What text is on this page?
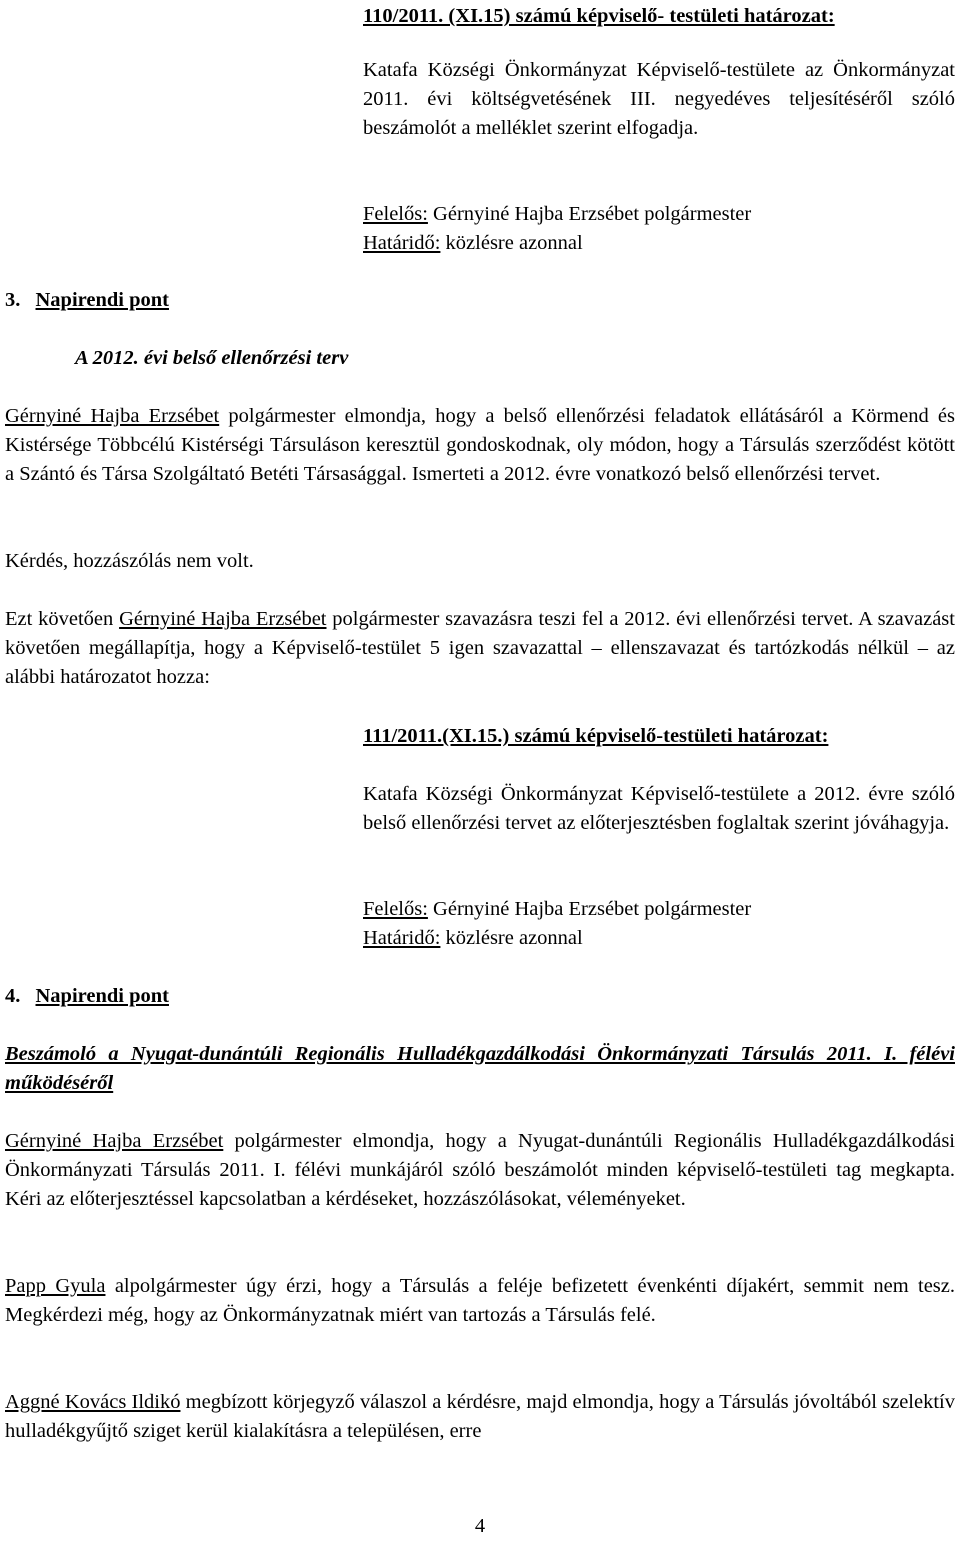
110/2011. (XI.15) számú képviselő- testületi határozat:
Katafa Községi Önkormányzat Képviselő-testülete az Önkormányzat 2011. évi költségvetésének III. negyedéves teljesítéséről szóló beszámolót a melléklet szerint elfogadja.
Felelős: Gérnyiné Hajba Erzsébet polgármester
Határidő: közlésre azonnal
3. Napirendi pont
A 2012. évi belső ellenőrzési terv
Gérnyiné Hajba Erzsébet polgármester elmondja, hogy a belső ellenőrzési feladatok ellátásáról a Körmend és Kistérsége Többcélú Kistérségi Társuláson keresztül gondoskodnak, oly módon, hogy a Társulás szerződést kötött a Szántó és Társa Szolgáltató Betéti Társasággal. Ismerteti a 2012. évre vonatkozó belső ellenőrzési tervet.
Kérdés, hozzászólás nem volt.
Ezt követően Gérnyiné Hajba Erzsébet polgármester szavazásra teszi fel a 2012. évi ellenőrzési tervet. A szavazást követően megállapítja, hogy a Képviselő-testület 5 igen szavazattal – ellenszavazat és tartózkodás nélkül – az alábbi határozatot hozza:
111/2011.(XI.15.) számú képviselő-testületi határozat:
Katafa Községi Önkormányzat Képviselő-testülete a 2012. évre szóló belső ellenőrzési tervet az előterjesztésben foglaltak szerint jóváhagyja.
Felelős: Gérnyiné Hajba Erzsébet polgármester
Határidő: közlésre azonnal
4. Napirendi pont
Beszámoló a Nyugat-dunántúli Regionális Hulladékgazdálkodási Önkormányzati Társulás 2011. I. félévi működéséről
Gérnyiné Hajba Erzsébet polgármester elmondja, hogy a Nyugat-dunántúli Regionális Hulladékgazdálkodási Önkormányzati Társulás 2011. I. félévi munkájáról szóló beszámolót minden képviselő-testületi tag megkapta. Kéri az előterjesztéssel kapcsolatban a kérdéseket, hozzászólásokat, véleményeket.
Papp Gyula alpolgármester úgy érzi, hogy a Társulás a feléje befizetett évenkénti díjakért, semmit nem tesz. Megkérdezi még, hogy az Önkormányzatnak miért van tartozás a Társulás felé.
Aggné Kovács Ildikó megbízott körjegyző válaszol a kérdésre, majd elmondja, hogy a Társulás jóvoltából szelektív hulladékgyűjtő sziget kerül kialakításra a településen, erre
4
